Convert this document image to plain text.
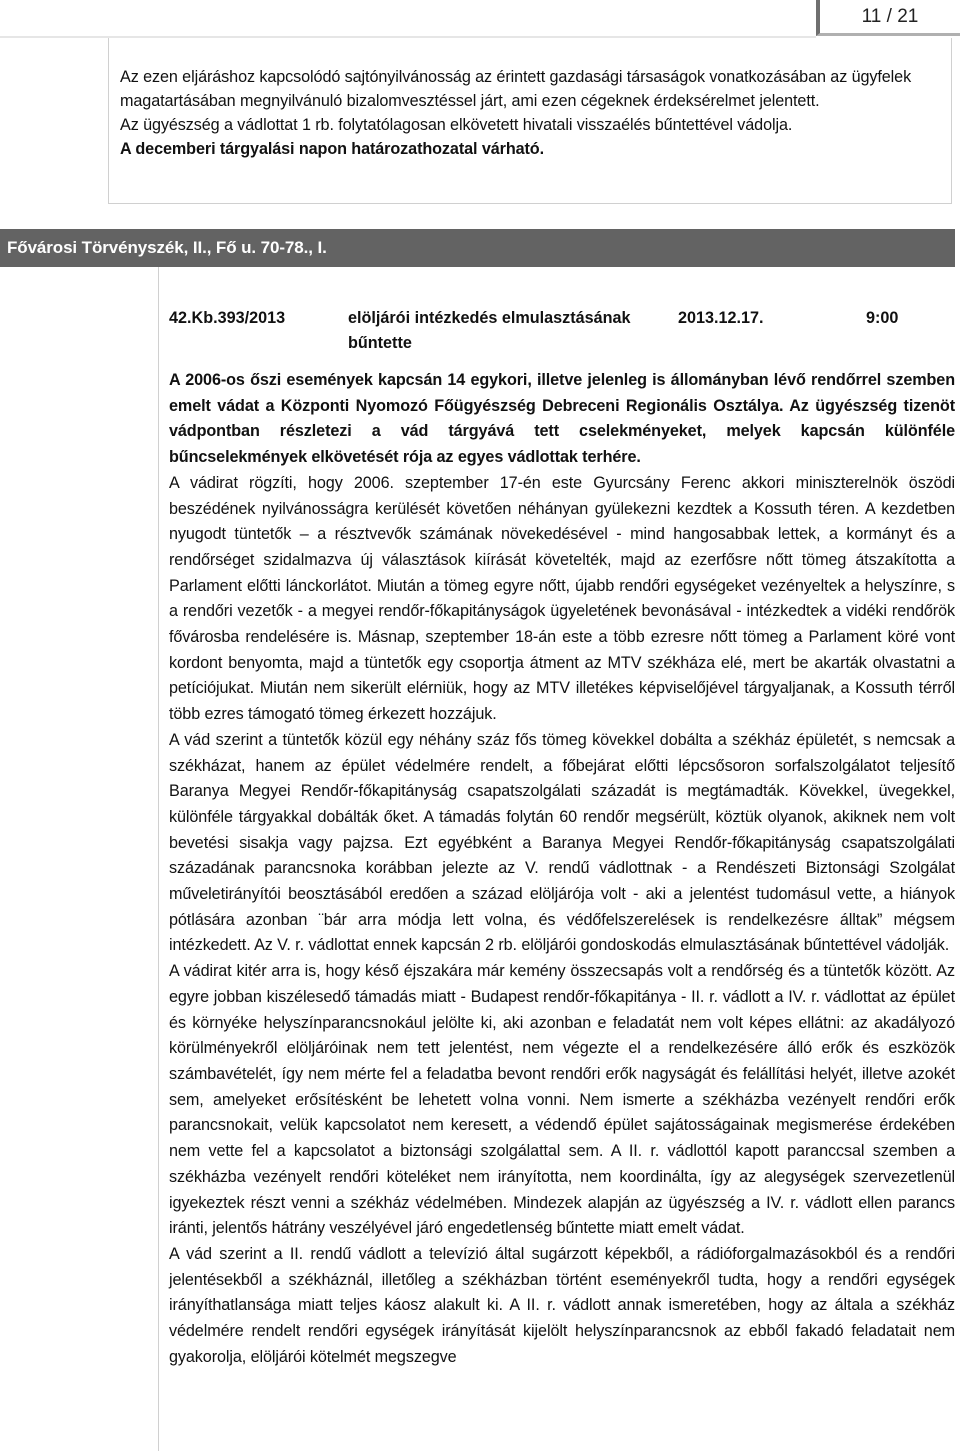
11 / 21

Az ezen eljáráshoz kapcsolódó sajtónyilvánosság az érintett gazdasági társaságok vonatkozásában az ügyfelek magatartásában megnyilvánuló bizalomvesztéssel járt, ami ezen cégeknek érdeksérelmet jelentett.

Az ügyészség a vádlottat 1 rb. folytatólagosan elkövetett hivatali visszaélés bűntettével vádolja.

A decemberi tárgyalási napon határozathozatal várható.

Fővárosi Törvényszék, II., Fő u. 70-78., I.
42.Kb.393/2013	elöljárói intézkedés elmulasztásának bűntette
2013.12.17.	9:00

A 2006-os őszi események kapcsán 14 egykori, illetve jelenleg is állományban lévő rendőrrel szemben emelt vádat a Központi Nyomozó Főügyészség Debreceni Regionális Osztálya. Az ügyészség tizenöt vádpontban részletezi a vád tárgyává tett cselekményeket, melyek kapcsán különféle bűncselekmények elkövetését rója az egyes vádlottak terhére.

A vádirat rögzíti, hogy 2006. szeptember 17-én este Gyurcsány Ferenc akkori miniszterelnök öszödi beszédének nyilvánosságra kerülését követően néhányan gyülekezni kezdtek a Kossuth téren. A kezdetben nyugodt tüntetők – a résztvevők számának növekedésével - mind hangosabbak lettek, a kormányt és a rendőrséget szidalmazva új választások kiírását követelték, majd az ezerfősre nőtt tömeg átszakította a Parlament előtti lánckorlátot. Miután a tömeg egyre nőtt, újabb rendőri egységeket vezényeltek a helyszínre, s a rendőri vezetők - a megyei rendőr-főkapitányságok ügyeletének bevonásával - intézkedtek a vidéki rendőrök fővárosba rendelésére is. Másnap, szeptember 18-án este a több ezresre nőtt tömeg a Parlament köré vont kordont benyomta, majd a tüntetők egy csoportja átment az MTV székháza elé, mert be akarták olvastatni a petíciójukat. Miután nem sikerült elérniük, hogy az MTV illetékes képviselőjével tárgyaljanak, a Kossuth térről több ezres támogató tömeg érkezett hozzájuk.

A vád szerint a tüntetők közül egy néhány száz fős tömeg kövekkel dobálta a székház épületét, s nemcsak a székházat, hanem az épület védelmére rendelt, a főbejárat előtti lépcsősoron sorfalszolgálatot teljesítő Baranya Megyei Rendőr-főkapitányság csapatszolgálati századát is megtámadták. Kövekkel, üvegekkel, különféle tárgyakkal dobálták őket. A támadás folytán 60 rendőr megsérült, köztük olyanok, akiknek nem volt bevetési sisakja vagy pajzsa. Ezt egyébként a Baranya Megyei Rendőr-főkapitányság csapatszolgálati századának parancsnoka korábban jelezte az V. rendű vádlottnak - a Rendészeti Biztonsági Szolgálat műveletirányítói beosztásából eredően a század elöljárója volt - aki a jelentést tudomásul vette, a hiányok pótlására azonban ¨bár arra módja lett volna, és védőfelszerelések is rendelkezésre álltak” mégsem intézkedett. Az V. r. vádlottat ennek kapcsán 2 rb. elöljárói gondoskodás elmulasztásának bűntettével vádolják.

A vádirat kitér arra is, hogy késő éjszakára már kemény összecsapás volt a rendőrség és a tüntetők között. Az egyre jobban kiszélesedő támadás miatt - Budapest rendőr-főkapitánya - II. r. vádlott a IV. r. vádlottat az épület és környéke helyszínparancsnokául jelölte ki, aki azonban e feladatát nem volt képes ellátni: az akadályozó körülményekről elöljáróinak nem tett jelentést, nem végezte el a rendelkezésére álló erők és eszközök számbavételét, így nem mérte fel a feladatba bevont rendőri erők nagyságát és felállítási helyét, illetve azokét sem, amelyeket erősítésként be lehetett volna vonni. Nem ismerte a székházba vezényelt rendőri erők parancsnokait, velük kapcsolatot nem keresett, a védendő épület sajátosságainak megismerése érdekében nem vette fel a kapcsolatot a biztonsági szolgálattal sem. A II. r. vádlottól kapott paranccsal szemben a székházba vezényelt rendőri köteléket nem irányította, nem koordinálta, így az alegységek szervezetlenül igyekeztek részt venni a székház védelmében. Mindezek alapján az ügyészség a IV. r. vádlott ellen parancs iránti, jelentős hátrány veszélyével járó engedetlenség bűntette miatt emelt vádat.

A vád szerint a II. rendű vádlott a televízió által sugárzott képekből, a rádióforgalmazásokból és a rendőri jelentésekből a székháznál, illetőleg a székházban történt eseményekről tudta, hogy a rendőri egységek irányíthatlansága miatt teljes káosz alakult ki. A II. r. vádlott annak ismeretében, hogy az általa a székház védelmére rendelt rendőri egységek irányítását kijelölt helyszínparancsnok az ebből fakadó feladatait nem gyakorolja, elöljárói kötelmét megszegve
